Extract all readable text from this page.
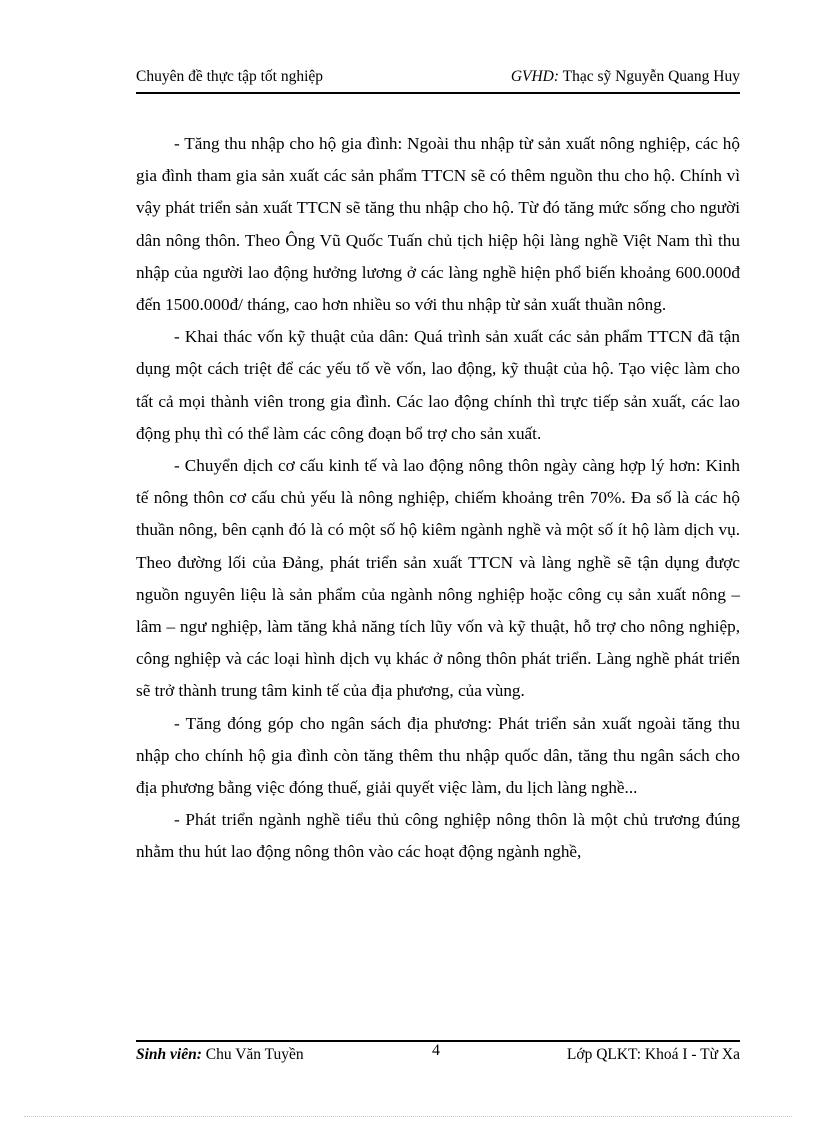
Chuyên đề thực tập tốt nghiệp	GVHD: Thạc sỹ Nguyễn Quang Huy

- Tăng thu nhập cho hộ gia đình: Ngoài thu nhập từ sản xuất nông nghiệp, các hộ gia đình tham gia sản xuất các sản phẩm TTCN sẽ có thêm nguồn thu cho hộ. Chính vì vậy phát triển sản xuất TTCN sẽ tăng thu nhập cho hộ. Từ đó tăng mức sống cho người dân nông thôn. Theo Ông Vũ Quốc Tuấn chủ tịch hiệp hội làng nghề Việt Nam thì thu nhập của người lao động hưởng lương ở các làng nghề hiện phổ biến khoảng 600.000đ đến 1500.000đ/ tháng, cao hơn nhiều so với thu nhập từ sản xuất thuần nông.

- Khai thác vốn kỹ thuật của dân: Quá trình sản xuất các sản phẩm TTCN đã tận dụng một cách triệt để các yếu tố về vốn, lao động, kỹ thuật của hộ. Tạo việc làm cho tất cả mọi thành viên trong gia đình. Các lao động chính thì trực tiếp sản xuất, các lao động phụ thì có thể làm các công đoạn bổ trợ cho sản xuất.

- Chuyển dịch cơ cấu kinh tế và lao động nông thôn ngày càng hợp lý hơn: Kinh tế nông thôn cơ cấu chủ yếu là nông nghiệp, chiếm khoảng trên 70%. Đa số là các hộ thuần nông, bên cạnh đó là có một số hộ kiêm ngành nghề và một số ít hộ làm dịch vụ. Theo đường lối của Đảng, phát triển sản xuất TTCN và làng nghề sẽ tận dụng được nguồn nguyên liệu là sản phẩm của ngành nông nghiệp hoặc công cụ sản xuất nông – lâm – ngư nghiệp, làm tăng khả năng tích lũy vốn và kỹ thuật, hỗ trợ cho nông nghiệp, công nghiệp và các loại hình dịch vụ khác ở nông thôn phát triển. Làng nghề phát triển sẽ trở thành trung tâm kinh tế của địa phương, của vùng.

- Tăng đóng góp cho ngân sách địa phương: Phát triển sản xuất ngoài tăng thu nhập cho chính hộ gia đình còn tăng thêm thu nhập quốc dân, tăng thu ngân sách cho địa phương bằng việc đóng thuế, giải quyết việc làm, du lịch làng nghề...

- Phát triển ngành nghề tiểu thủ công nghiệp nông thôn là một chủ trương đúng nhằm thu hút lao động nông thôn vào các hoạt động ngành nghề,

Sinh viên: Chu Văn Tuyền	4	Lớp QLKT: Khoá I - Từ Xa
